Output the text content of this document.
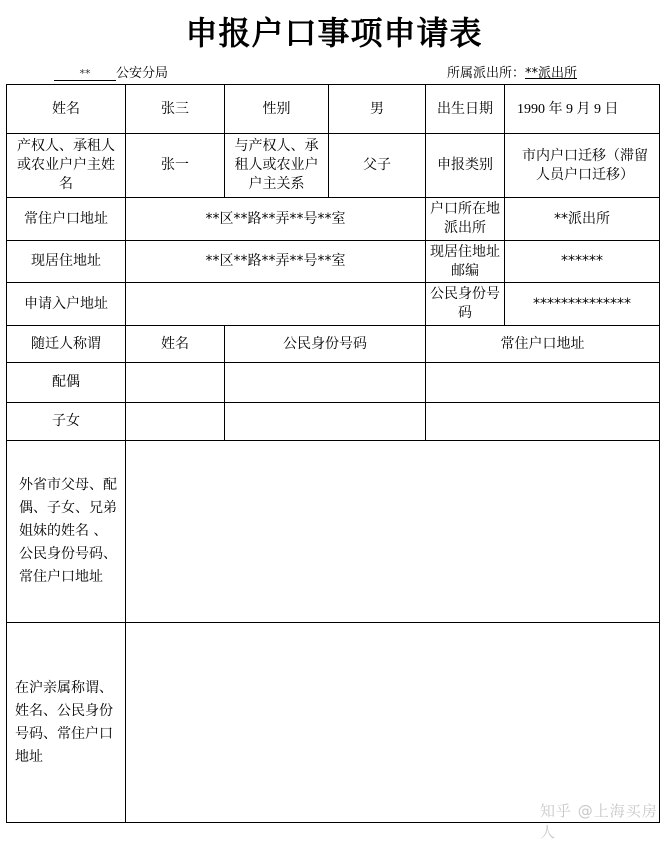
申报户口事项申请表
** 公安分局	所属派出所：**派出所
姓名	张三	性别	男	出生日期	1990 年 9 月 9 日
产权人、承租人或农业户户主姓名	张一	与产权人、承租人或农业户户主关系	父子	申报类别	市内户口迁移（滞留人员户口迁移）
常住户口地址	**区**路**弄**号**室			户口所在地派出所	**派出所
现居住地址	**区**路**弄**号**室			现居住地址邮编	******
申请入户地址				公民身份号码	**************
随迁人称谓	姓名	公民身份号码		常住户口地址	
配偶					
子女					
外省市父母、配偶、子女、兄弟姐妹的姓名 、公民身份号码、常住户口地址					
在沪亲属称谓、姓名、公民身份号码、常住户口地址					
知乎 @上海买房人
